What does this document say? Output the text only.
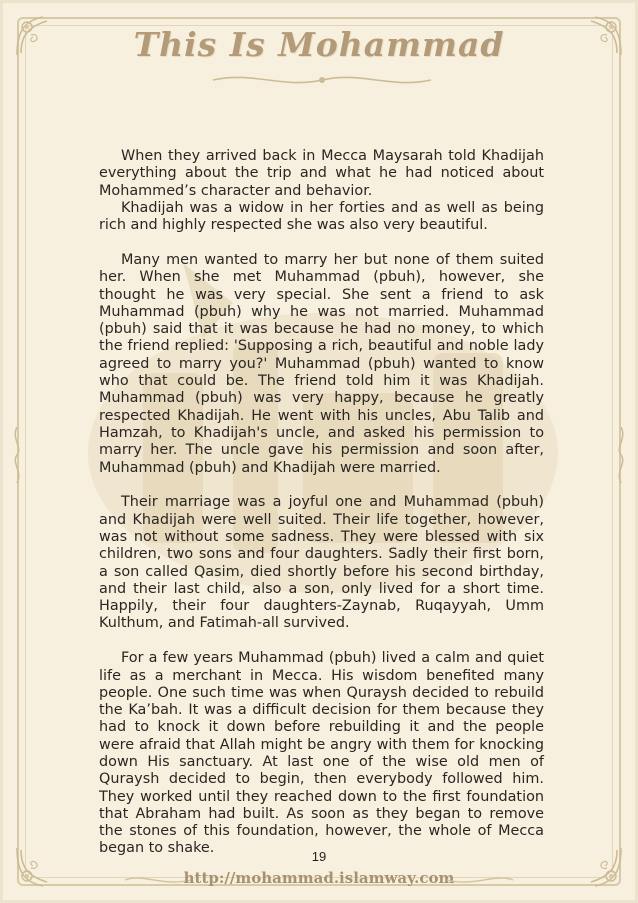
This Is Mohammad

When they arrived back in Mecca Maysarah told Khadijah everything about the trip and what he had noticed about Mohammed’s character and behavior.

Khadijah was a widow in her forties and as well as being rich and highly respected she was also very beautiful.

Many men wanted to marry her but none of them suited her. When she met Muhammad (pbuh), however, she thought he was very special. She sent a friend to ask Muhammad (pbuh) why he was not married. Muhammad (pbuh) said that it was because he had no money, to which the friend replied: 'Supposing a rich, beautiful and noble lady agreed to marry you?' Muhammad (pbuh) wanted to know who that could be. The friend told him it was Khadijah. Muhammad (pbuh) was very happy, because he greatly respected Khadijah. He went with his uncles, Abu Talib and Hamzah, to Khadijah's uncle, and asked his permission to marry her. The uncle gave his permission and soon after, Muhammad (pbuh) and Khadijah were married.

Their marriage was a joyful one and Muhammad (pbuh) and Khadijah were well suited. Their life together, however, was not without some sadness. They were blessed with six children, two sons and four daughters. Sadly their first born, a son called Qasim, died shortly before his second birthday, and their last child, also a son, only lived for a short time. Happily, their four daughters-Zaynab, Ruqayyah, Umm Kulthum, and Fatimah-all survived.

For a few years Muhammad (pbuh) lived a calm and quiet life as a merchant in Mecca. His wisdom benefited many people. One such time was when Quraysh decided to rebuild the Ka’bah. It was a difficult decision for them because they had to knock it down before rebuilding it and the people were afraid that Allah might be angry with them for knocking down His sanctuary. At last one of the wise old men of Quraysh decided to begin, then everybody followed him. They worked until they reached down to the first foundation that Abraham had built. As soon as they began to remove the stones of this foundation, however, the whole of Mecca began to shake.

19
http://mohammad.islamway.com
